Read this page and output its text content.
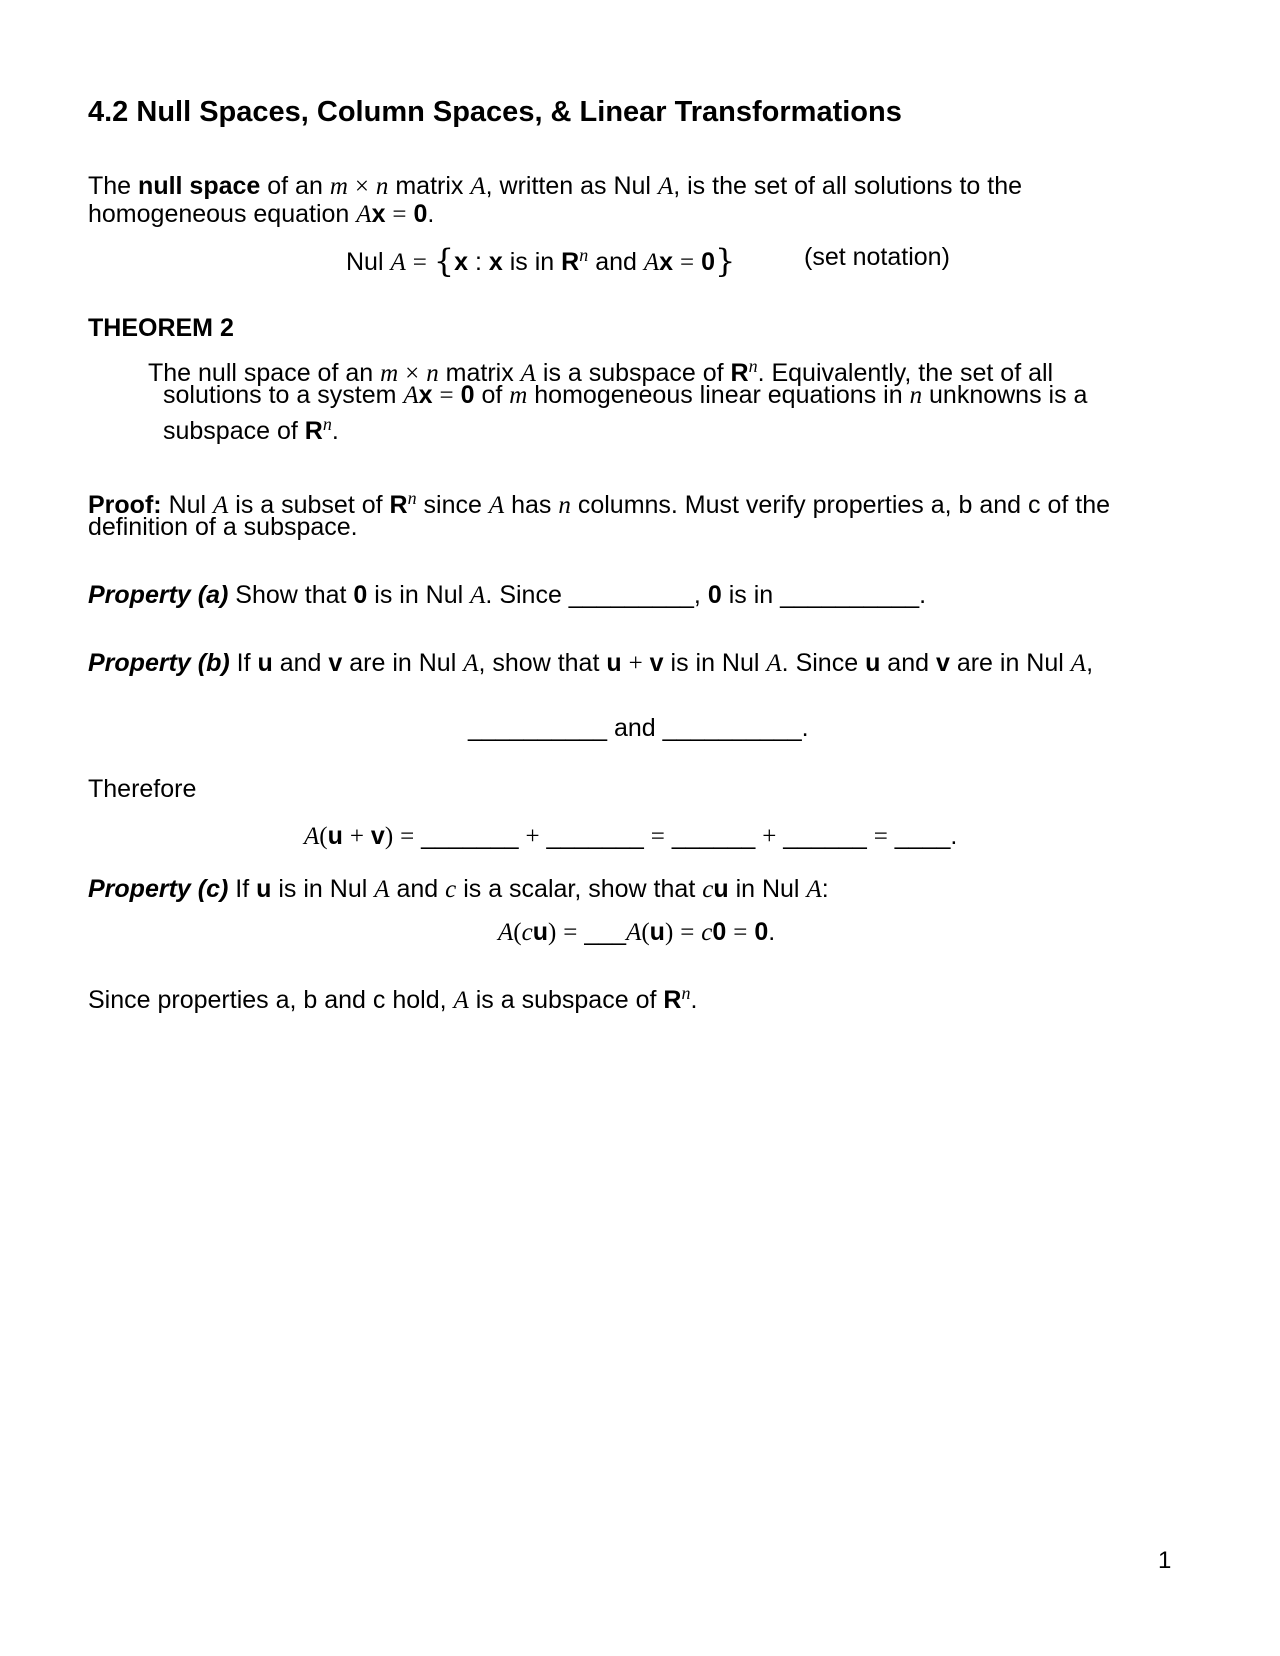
4.2 Null Spaces, Column Spaces, & Linear Transformations
The null space of an m × n matrix A, written as Nul A, is the set of all solutions to the
homogeneous equation Ax = 0.
Nul A = {x : x is in $R^n$ and Ax = 0}	(set notation)
THEOREM 2
The null space of an m × n matrix A is a subspace of $R^n$. Equivalently, the set of all
solutions to a system Ax = 0 of m homogeneous linear equations in n unknowns is a
subspace of $R^n$.
Proof: Nul A is a subset of $R^n$ since A has n columns. Must verify properties a, b and c of the
definition of a subspace.
Property (a) Show that 0 is in Nul A. Since _________, 0 is in __________.
Property (b) If u and v are in Nul A, show that u + v is in Nul A. Since u and v are in Nul A,
__________ and __________.
Therefore
A(u + v) = _______ + _______ = ______ + ______ = ____.
Property (c) If u is in Nul A and c is a scalar, show that cu in Nul A:
A(cu) = ___A(u) = c0 = 0.
Since properties a, b and c hold, A is a subspace of $R^n$.
1
